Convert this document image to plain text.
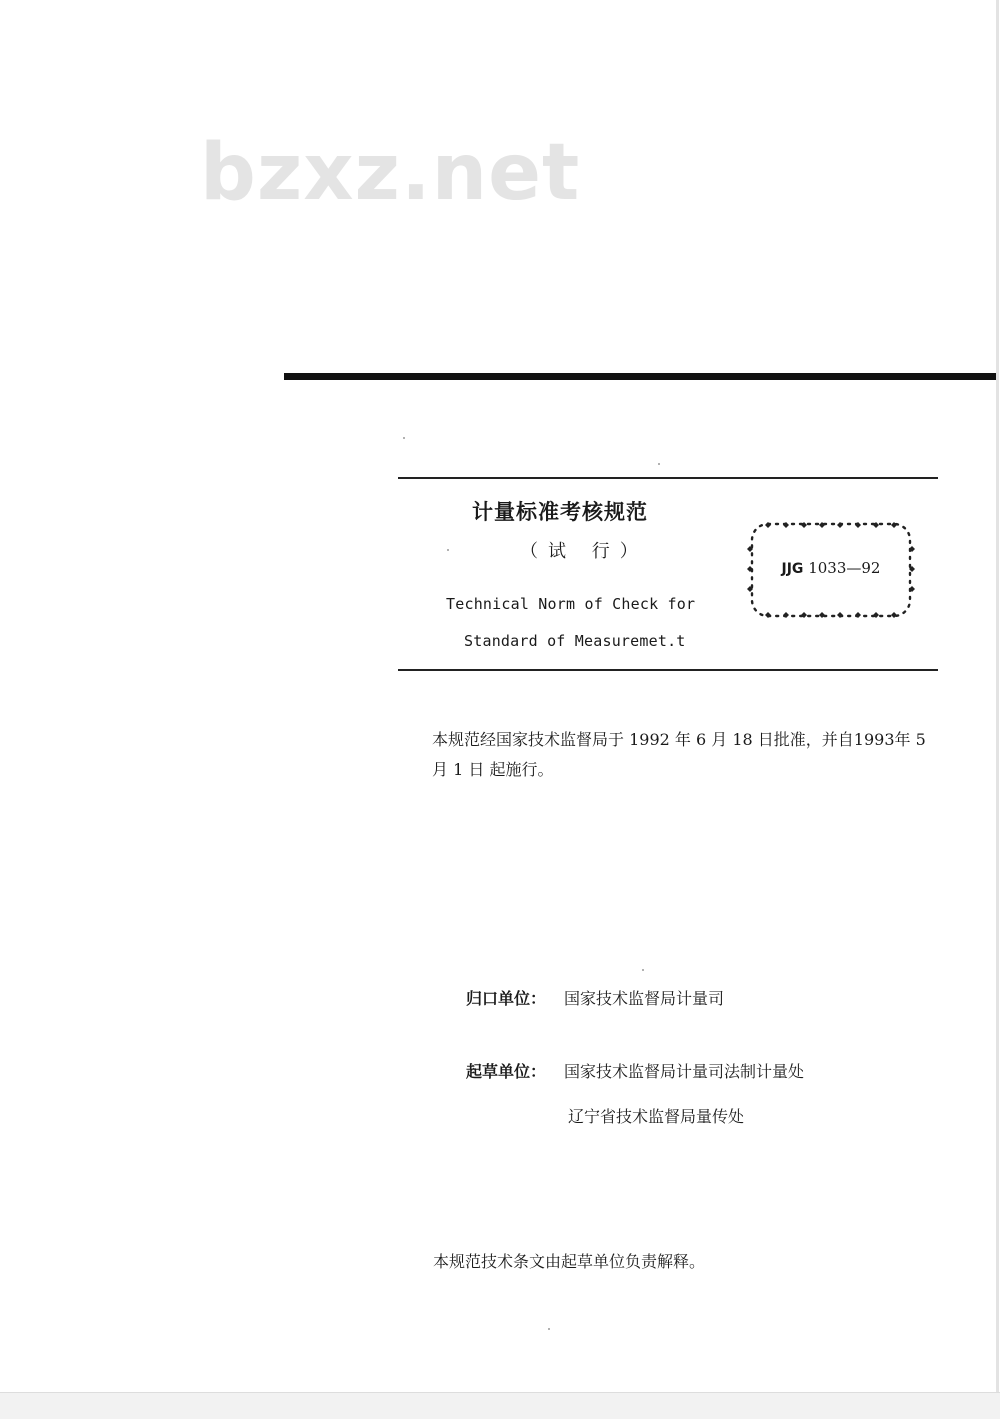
bzxz.net
计量标准考核规范
（试 行）
Technical Norm of Check for
Standard of Measuremet.t
JJG 1033—92
本规范经国家技术监督局于 1992 年 6 月 18 日批准，并自1993年 5 月 1 日 起施行。
归口单位： 国家技术监督局计量司
起草单位： 国家技术监督局计量司法制计量处
辽宁省技术监督局量传处
本规范技术条文由起草单位负责解释。
